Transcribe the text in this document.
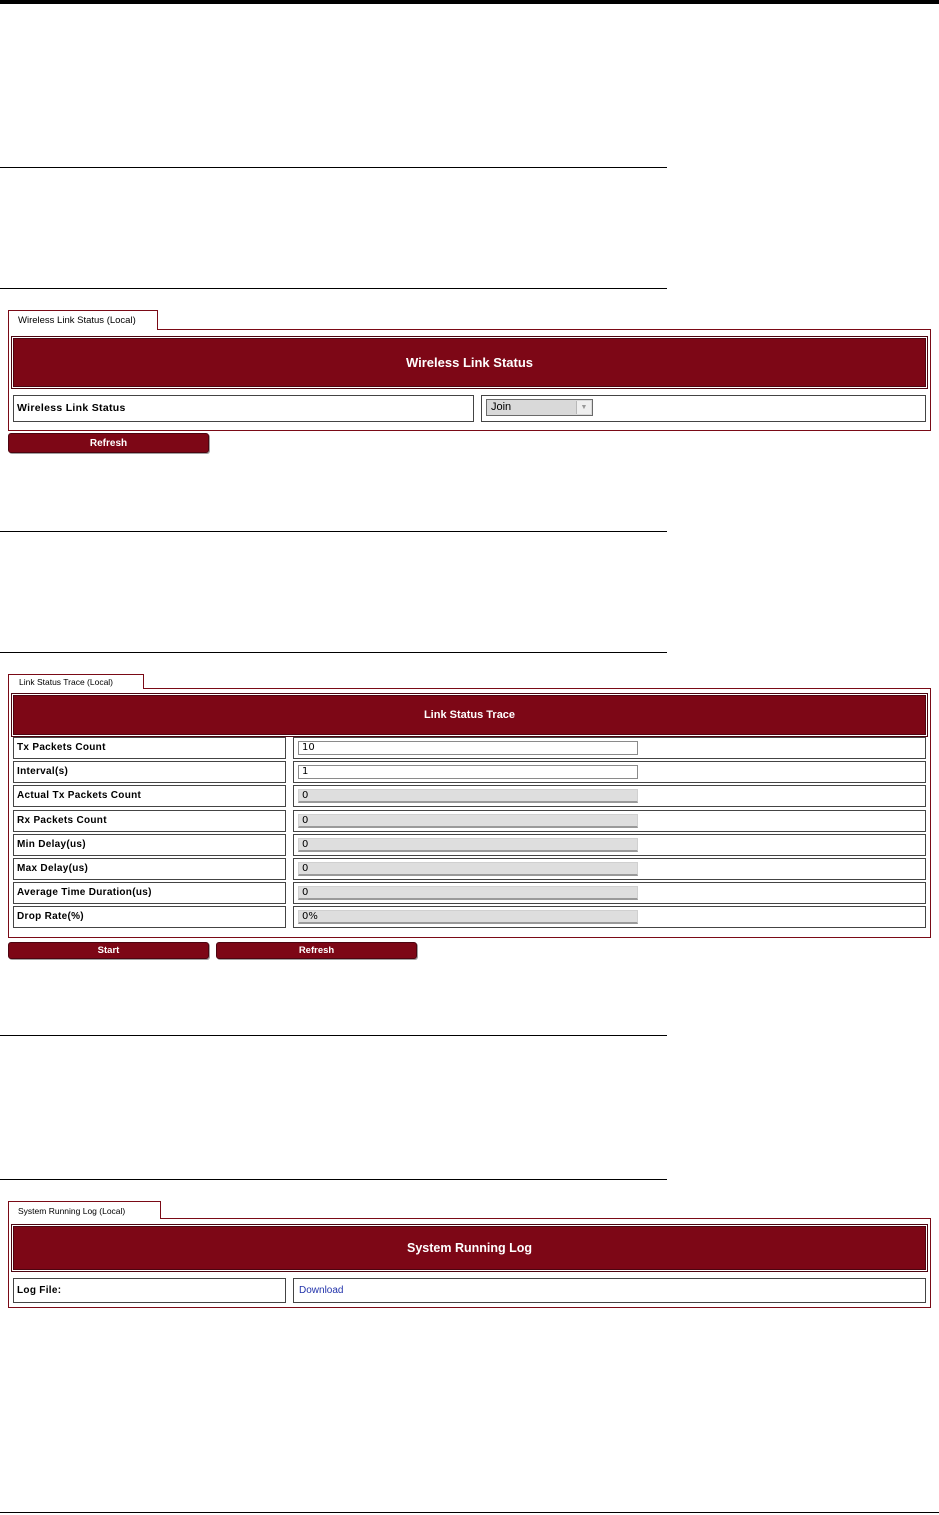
Wireless Link Status (Local)
Wireless Link Status
Wireless Link Status	Join	▼
Refresh
Link Status Trace (Local)
Link Status Trace
Tx Packets Count	10
Interval(s)	1
Actual Tx Packets Count	0
Rx Packets Count	0
Min Delay(us)	0
Max Delay(us)	0
Average Time Duration(us)	0
Drop Rate(%)	0%
Start	Refresh
System Running Log (Local)
System Running Log
Log File:	Download
